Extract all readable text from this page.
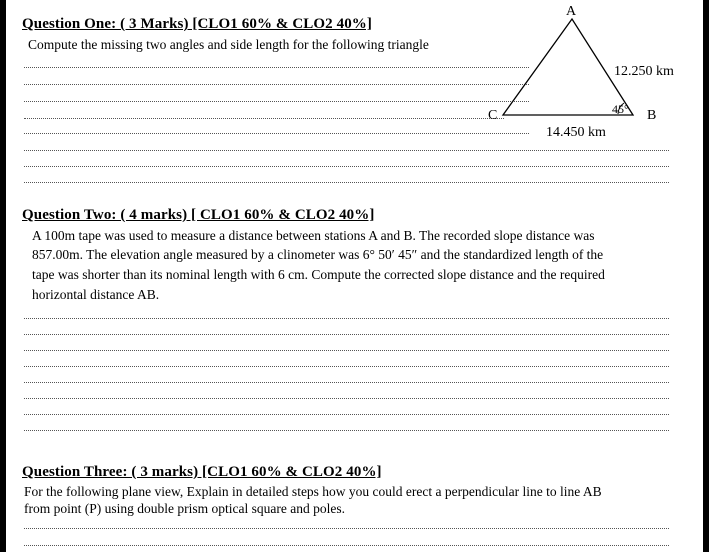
Question One: ( 3 Marks) [CLO1 60% & CLO2 40%]
Compute the missing two angles and side length for the following triangle
A
C	B
12.250 km
14.450 km
45°
Question Two: ( 4 marks) [ CLO1 60% & CLO2 40%]
A 100m tape was used to measure a distance between stations A and B. The recorded slope distance was
857.00m. The elevation angle measured by a clinometer was 6° 50′ 45″ and the standardized length of the
tape was shorter than its nominal length with 6 cm. Compute the corrected slope distance and the required
horizontal distance AB.
Question Three: ( 3 marks) [CLO1 60% & CLO2 40%]
For the following plane view, Explain in detailed steps how you could erect a perpendicular line to line AB
from point (P) using double prism optical square and poles.
